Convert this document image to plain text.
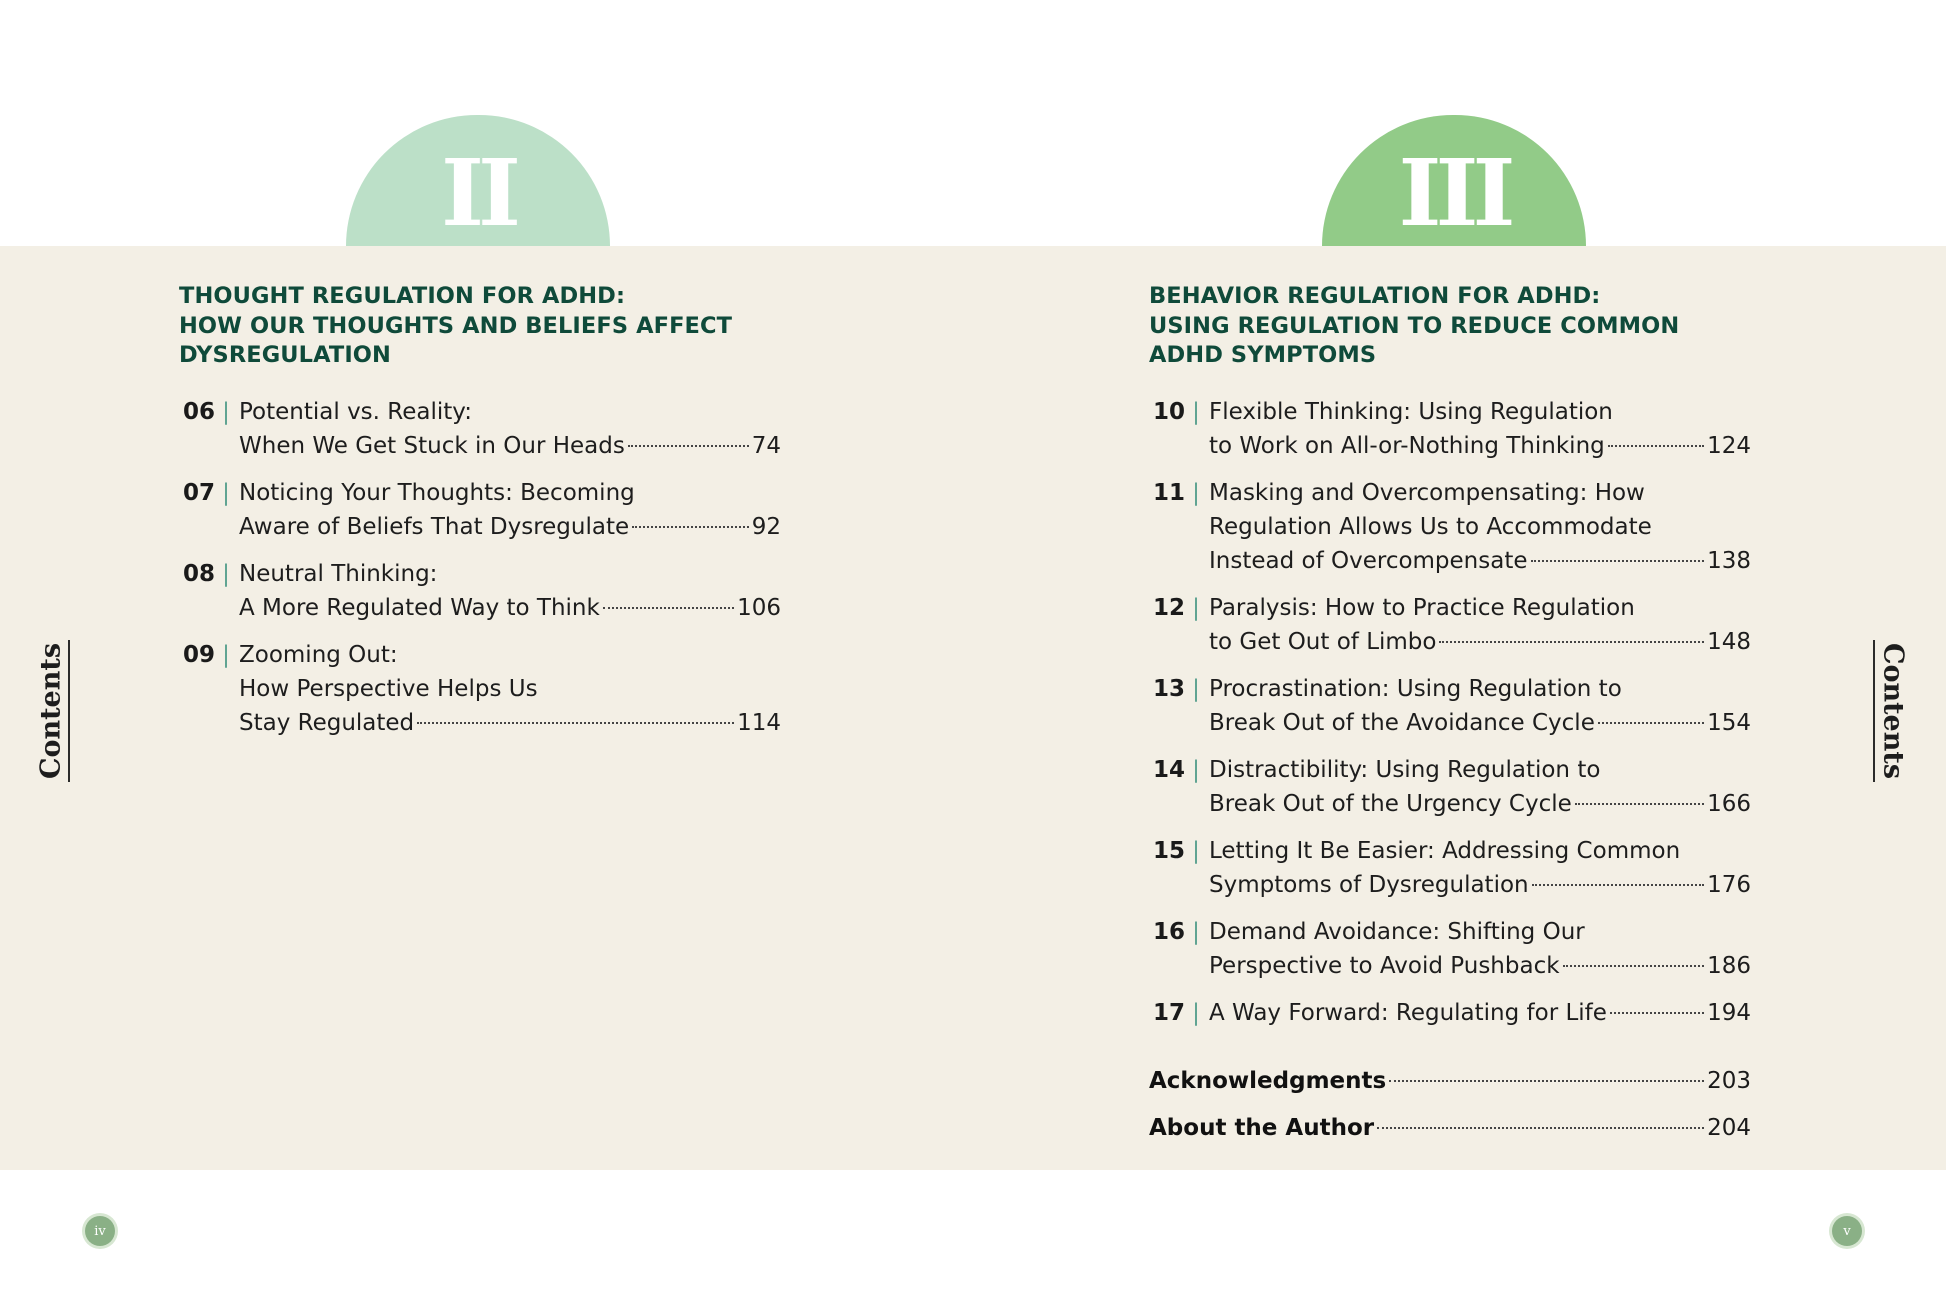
II	III
THOUGHT REGULATION FOR ADHD:
HOW OUR THOUGHTS AND BELIEFS AFFECT
DYSREGULATION
06 | Potential vs. Reality:
When We Get Stuck in Our Heads	74
07 | Noticing Your Thoughts: Becoming
Aware of Beliefs That Dysregulate	92
08 | Neutral Thinking:
A More Regulated Way to Think	106
09 | Zooming Out:
How Perspective Helps Us
Stay Regulated	114
BEHAVIOR REGULATION FOR ADHD:
USING REGULATION TO REDUCE COMMON
ADHD SYMPTOMS
10 | Flexible Thinking: Using Regulation
to Work on All-or-Nothing Thinking	124
11 | Masking and Overcompensating: How
Regulation Allows Us to Accommodate
Instead of Overcompensate	138
12 | Paralysis: How to Practice Regulation
to Get Out of Limbo	148
13 | Procrastination: Using Regulation to
Break Out of the Avoidance Cycle	154
14 | Distractibility: Using Regulation to
Break Out of the Urgency Cycle	166
15 | Letting It Be Easier: Addressing Common
Symptoms of Dysregulation	176
16 | Demand Avoidance: Shifting Our
Perspective to Avoid Pushback	186
17 | A Way Forward: Regulating for Life	194
Acknowledgments	203
About the Author	204
Contents	Contents
iv	v
